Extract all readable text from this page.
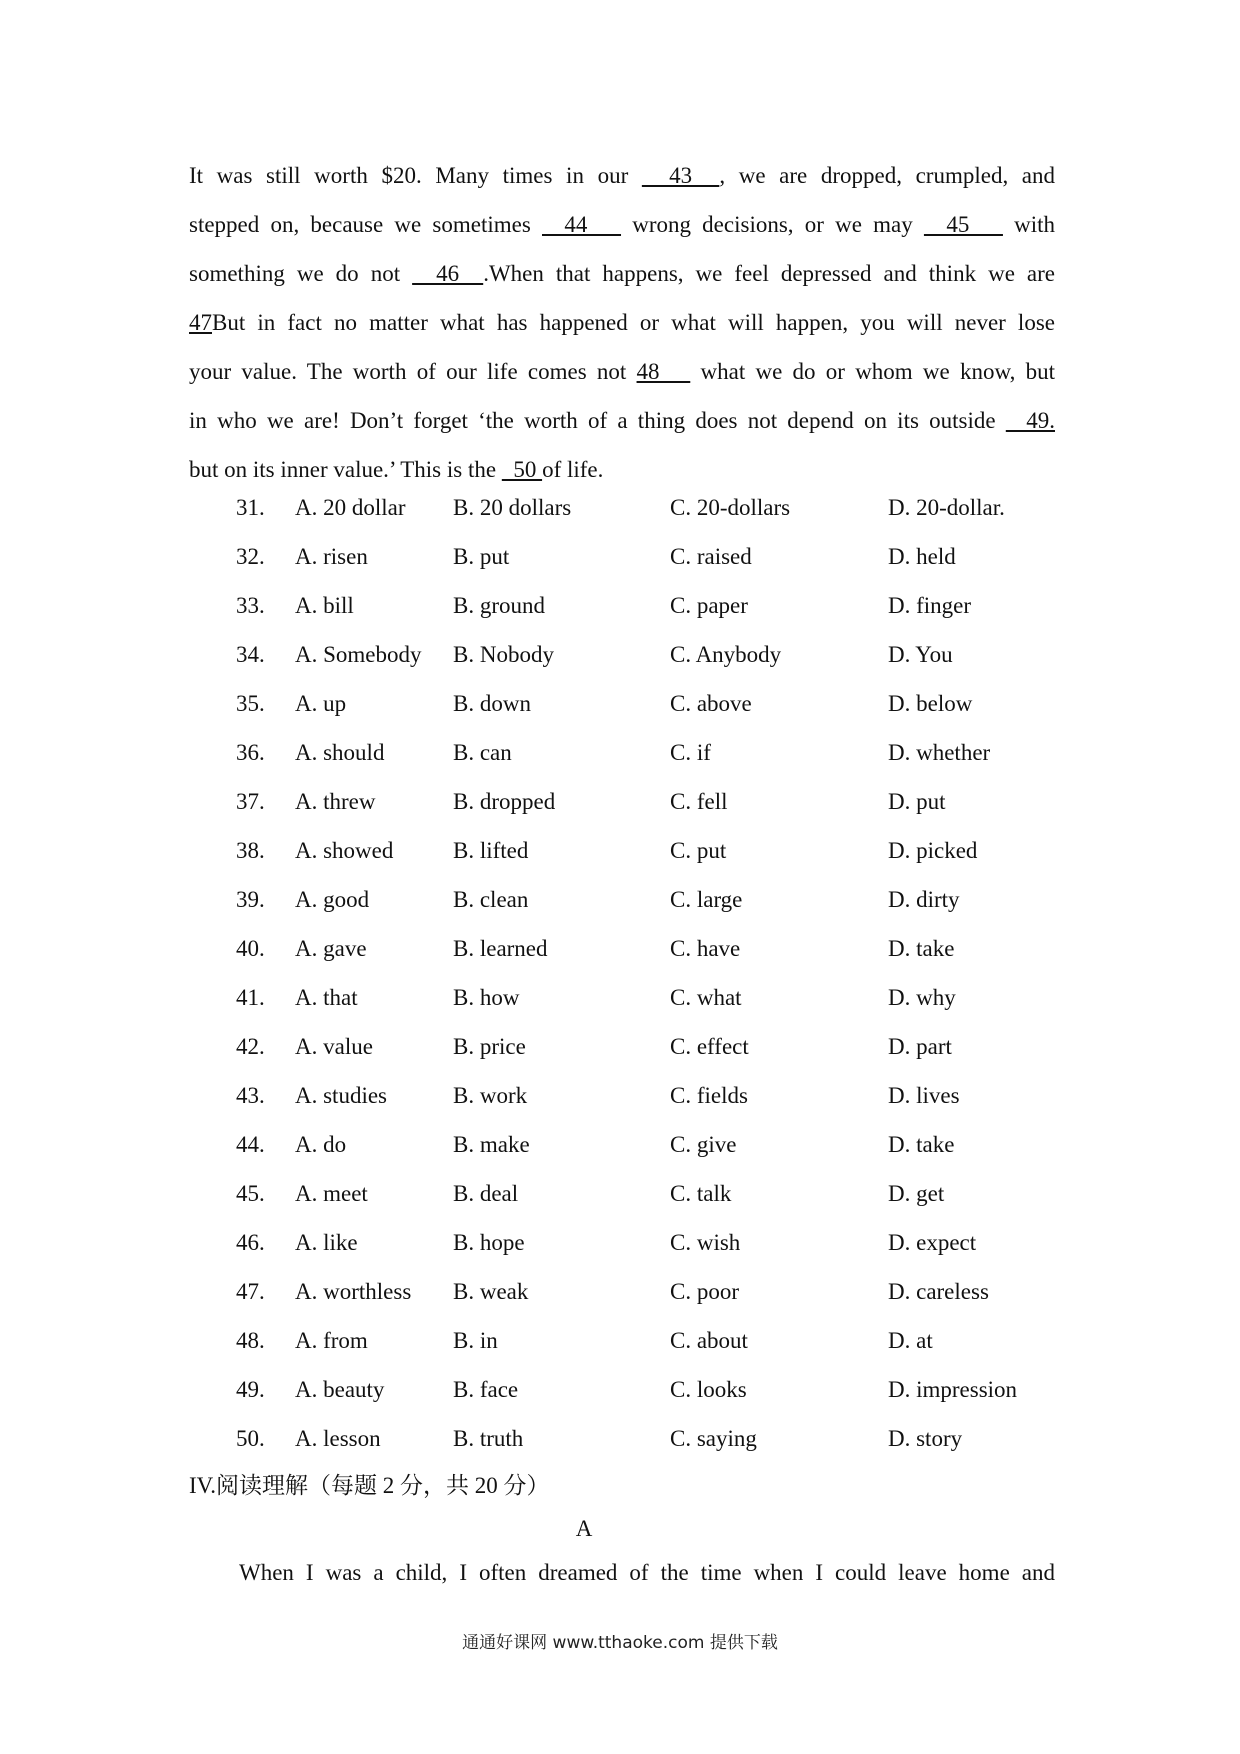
It was still worth $20. Many times in our   43  , we are dropped, crumpled, and
stepped on, because we sometimes   44    wrong decisions, or we may   45    with
something we do not   46  .When that happens, we feel depressed and think we are
47But in fact no matter what has happened or what will happen, you will never lose
your value. The worth of our life comes not 48    what we do or whom we know, but
in who we are! Don’t forget ‘the worth of a thing does not depend on its outside   49.
but on its inner value.’ This is the   50 of life.
31. A. 20 dollar B. 20 dollars	C. 20-dollars	D. 20-dollar.
32. A. risen	B. put	C. raised	D. held
33. A. bill	B. ground	C. paper	D. finger
34. A. Somebody B. Nobody	C. Anybody	D. You
35. A. up	B. down	C. above	D. below
36. A. should	B. can	C. if	D. whether
37. A. threw	B. dropped	C. fell	D. put
38. A. showed	B. lifted	C. put	D. picked
39. A. good	B. clean	C. large	D. dirty
40. A. gave	B. learned	C. have	D. take
41. A. that	B. how	C. what	D. why
42. A. value	B. price	C. effect	D. part
43. A. studies	B. work	C. fields	D. lives
44. A. do	B. make	C. give	D. take
45. A. meet	B. deal	C. talk	D. get
46. A. like	B. hope	C. wish	D. expect
47. A. worthless B. weak	C. poor	D. careless
48. A. from	B. in	C. about	D. at
49. A. beauty	B. face	C. looks	D. impression
50. A. lesson	B. truth	C. saying	D. story
IV.阅读理解（每题 2 分，共 20 分）
A
When I was a child, I often dreamed of the time when I could leave home and
通通好课网 www.tthaoke.com 提供下载
